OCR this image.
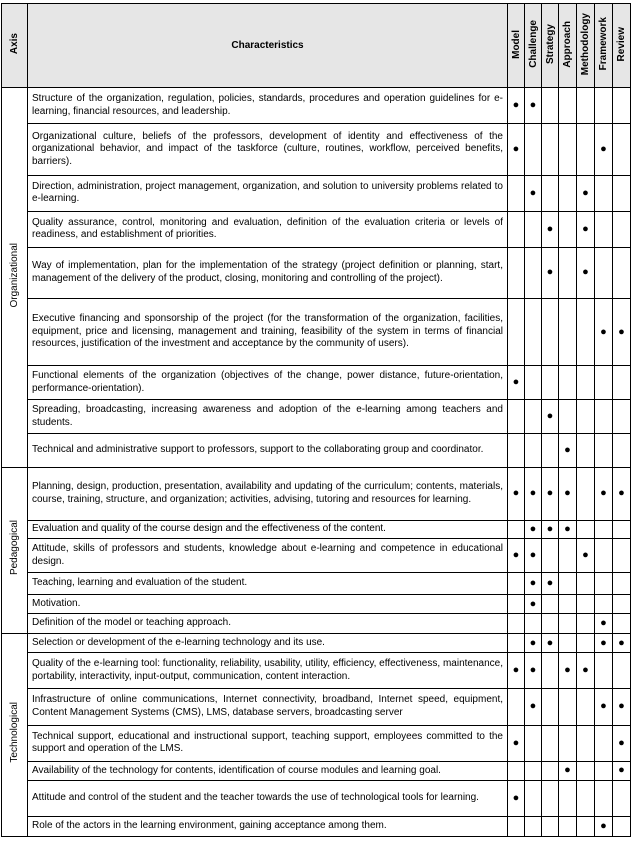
Axis	Characteristics	Model	Challenge	Strategy	Approach	Methodology	Framework	Review
Organizational	Structure of the organization, regulation, policies, standards, procedures and operation guidelines for e-learning, financial resources, and leadership.	●	●					
	Organizational culture, beliefs of the professors, development of identity and effectiveness of the organizational behavior, and impact of the taskforce (culture, routines, workflow, perceived benefits, barriers).	●					●	
	Direction, administration, project management, organization, and solution to university problems related to e-learning.		●			●		
	Quality assurance, control, monitoring and evaluation, definition of the evaluation criteria or levels of readiness, and establishment of priorities.			●		●		
	Way of implementation, plan for the implementation of the strategy (project definition or planning, start, management of the delivery of the product, closing, monitoring and controlling of the project).			●		●		
	Executive financing and sponsorship of the project (for the transformation of the organization, facilities, equipment, price and licensing, management and training, feasibility of the system in terms of financial resources, justification of the investment and acceptance by the community of users).						●	●
	Functional elements of the organization (objectives of the change, power distance, future-orientation, performance-orientation).	●						
	Spreading, broadcasting, increasing awareness and adoption of the e-learning among teachers and students.			●				
	Technical and administrative support to professors, support to the collaborating group and coordinator.				●			
Pedagogical	Planning, design, production, presentation, availability and updating of the curriculum; contents, materials, course, training, structure, and organization; activities, advising, tutoring and resources for learning.	●	●	●	●		●	●
	Evaluation and quality of the course design and the effectiveness of the content.		●	●	●			
	Attitude, skills of professors and students, knowledge about e-learning and competence in educational design.	●	●			●		
	Teaching, learning and evaluation of the student.		●	●				
	Motivation.		●					
	Definition of the model or teaching approach.						●	
Technological	Selection or development of the e-learning technology and its use.		●	●			●	●
	Quality of the e-learning tool: functionality, reliability, usability, utility, efficiency, effectiveness, maintenance, portability, interactivity, input-output, communication, content interaction.	●	●		●	●		
	Infrastructure of online communications, Internet connectivity, broadband, Internet speed, equipment, Content Management Systems (CMS), LMS, database servers, broadcasting server		●				●	●
	Technical support, educational and instructional support, teaching support, employees committed to the support and operation of the LMS.	●						●
	Availability of the technology for contents, identification of course modules and learning goal.				●			●
	Attitude and control of the student and the teacher towards the use of technological tools for learning.	●						
	Role of the actors in the learning environment, gaining acceptance among them.						●	
